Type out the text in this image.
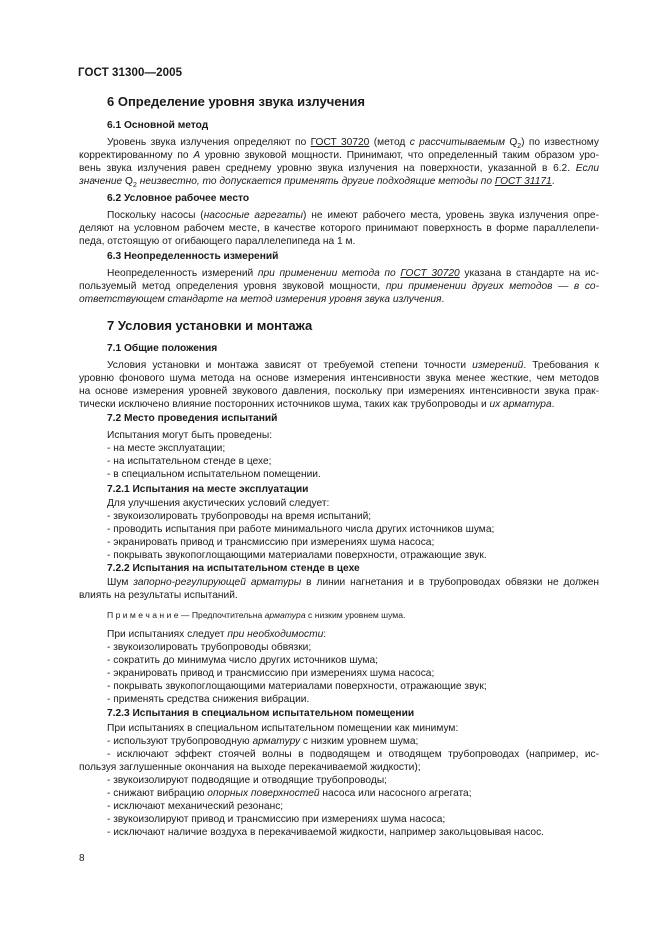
ГОСТ 31300—2005
6 Определение уровня звука излучения
6.1 Основной метод
Уровень звука излучения определяют по ГОСТ 30720 (метод с рассчитываемым $Q_2$) по известному
корректированному по А уровню звуковой мощности. Принимают, что определенный таким образом уро-
вень звука излучения равен среднему уровню звука излучения на поверхности, указанной в 6.2. Если
значение $Q_2$ неизвестно, то допускается применять другие подходящие методы по ГОСТ 31171.
6.2 Условное рабочее место
Поскольку насосы (насосные агрегаты) не имеют рабочего места, уровень звука излучения опре-
деляют на условном рабочем месте, в качестве которого принимают поверхность в форме параллелепи-
педа, отстоящую от огибающего параллелепипеда на 1 м.
6.3 Неопределенность измерений
Неопределенность измерений при применении метода по ГОСТ 30720 указана в стандарте на ис-
пользуемый метод определения уровня звуковой мощности, при применении других методов — в со-
ответствующем стандарте на метод измерения уровня звука излучения.
7 Условия установки и монтажа
7.1 Общие положения
Условия установки и монтажа зависят от требуемой степени точности измерений. Требования к
уровню фонового шума метода на основе измерения интенсивности звука менее жесткие, чем методов
на основе измерения уровней звукового давления, поскольку при измерениях интенсивности звука прак-
тически исключено влияние посторонних источников шума, таких как трубопроводы и их арматура.
7.2 Место проведения испытаний
Испытания могут быть проведены:
- на месте эксплуатации;
- на испытательном стенде в цехе;
- в специальном испытательном помещении.
7.2.1 Испытания на месте эксплуатации
Для улучшения акустических условий следует:
- звукоизолировать трубопроводы на время испытаний;
- проводить испытания при работе минимального числа других источников шума;
- экранировать привод и трансмиссию при измерениях шума насоса;
- покрывать звукопоглощающими материалами поверхности, отражающие звук.
7.2.2 Испытания на испытательном стенде в цехе
Шум запорно-регулирующей арматуры в линии нагнетания и в трубопроводах обвязки не должен
влиять на результаты испытаний.
П р и м е ч а н и е — Предпочтительна арматура с низким уровнем шума.
При испытаниях следует при необходимости:
- звукоизолировать трубопроводы обвязки;
- сократить до минимума число других источников шума;
- экранировать привод и трансмиссию при измерениях шума насоса;
- покрывать звукопоглощающими материалами поверхности, отражающие звук;
- применять средства снижения вибрации.
7.2.3 Испытания в специальном испытательном помещении
При испытаниях в специальном испытательном помещении как минимум:
- используют трубопроводную арматуру с низким уровнем шума;
- исключают эффект стоячей волны в подводящем и отводящем трубопроводах (например, ис-
пользуя заглушенные окончания на выходе перекачиваемой жидкости);
- звукоизолируют подводящие и отводящие трубопроводы;
- снижают вибрацию опорных поверхностей насоса или насосного агрегата;
- исключают механический резонанс;
- звукоизолируют привод и трансмиссию при измерениях шума насоса;
- исключают наличие воздуха в перекачиваемой жидкости, например закольцовывая насос.
8
